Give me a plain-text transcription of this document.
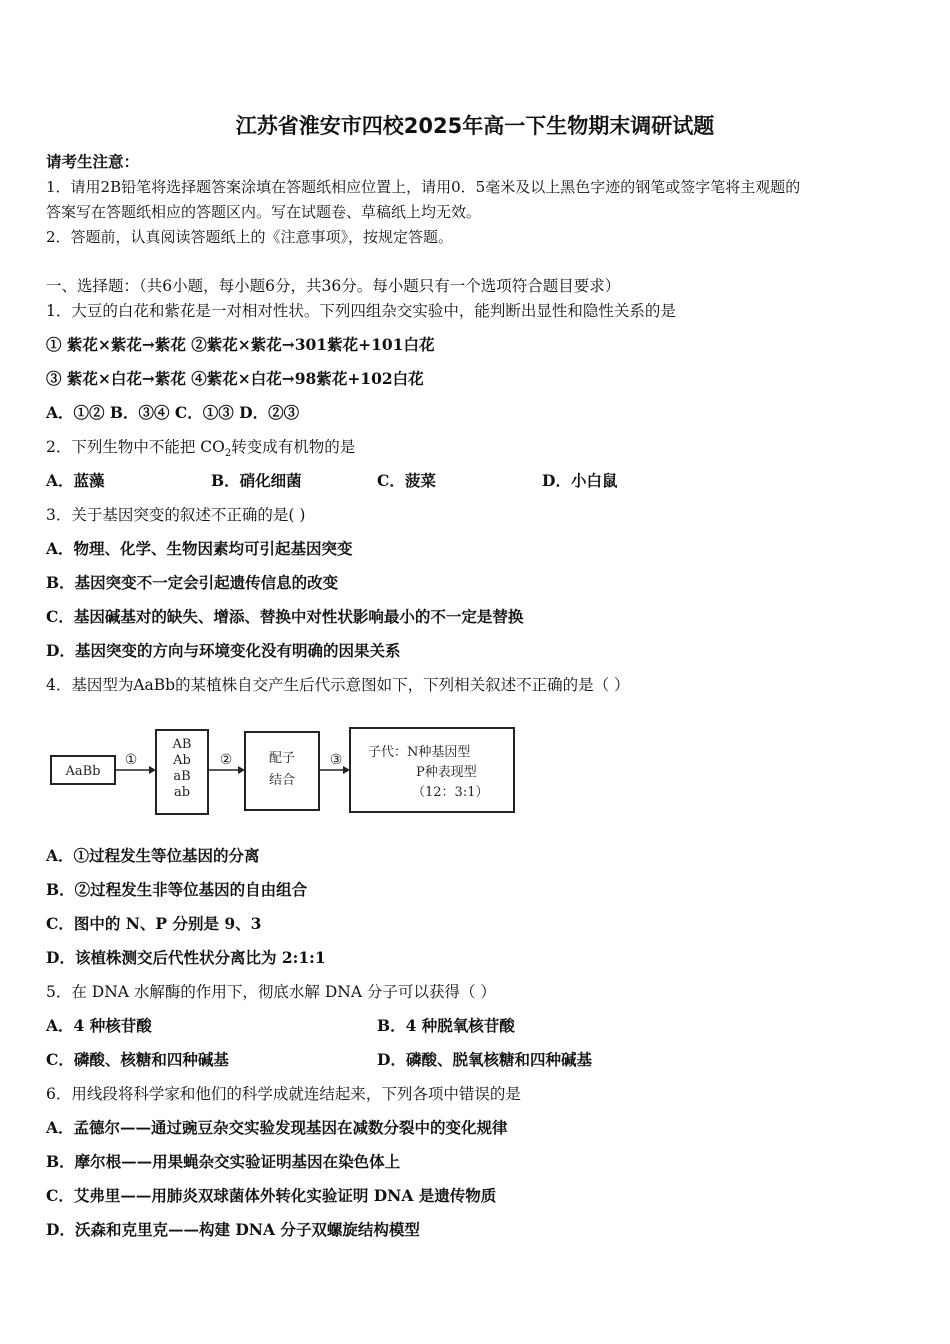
江苏省淮安市四校2025年高一下生物期末调研试题
请考生注意：
1．请用2B铅笔将选择题答案涂填在答题纸相应位置上，请用0．5毫米及以上黑色字迹的钢笔或签字笔将主观题的
答案写在答题纸相应的答题区内。写在试题卷、草稿纸上均无效。
2．答题前，认真阅读答题纸上的《注意事项》，按规定答题。
一、选择题：（共6小题，每小题6分，共36分。每小题只有一个选项符合题目要求）
1．大豆的白花和紫花是一对相对性状。下列四组杂交实验中，能判断出显性和隐性关系的是
① 紫花×紫花→紫花 ②紫花×紫花→301紫花+101白花
③ 紫花×白花→紫花 ④紫花×白花→98紫花+102白花
A．①② B．③④ C．①③ D．②③
2．下列生物中不能把 $CO_2$转变成有机物的是
A．蓝藻	B．硝化细菌	C．菠菜	D．小白鼠
3．关于基因突变的叙述不正确的是( )
A．物理、化学、生物因素均可引起基因突变
B．基因突变不一定会引起遗传信息的改变
C．基因碱基对的缺失、增添、替换中对性状影响最小的不一定是替换
D．基因突变的方向与环境变化没有明确的因果关系
4．基因型为AaBb的某植株自交产生后代示意图如下，下列相关叙述不正确的是（ ）
AaBb
①
AB
Ab
aB
ab
②	配子
结合
③ 子代：N种基因型
P种表现型
（12：3:1）
A．①过程发生等位基因的分离
B．②过程发生非等位基因的自由组合
C．图中的 N、P 分别是 9、3
D．该植株测交后代性状分离比为 2:1:1
5．在 DNA 水解酶的作用下，彻底水解 DNA 分子可以获得（ ）
A．4 种核苷酸	B．4 种脱氧核苷酸
C．磷酸、核糖和四种碱基	D．磷酸、脱氧核糖和四种碱基
6．用线段将科学家和他们的科学成就连结起来，下列各项中错误的是
A．孟德尔——通过豌豆杂交实验发现基因在减数分裂中的变化规律
B．摩尔根——用果蝇杂交实验证明基因在染色体上
C．艾弗里——用肺炎双球菌体外转化实验证明 DNA 是遗传物质
D．沃森和克里克——构建 DNA 分子双螺旋结构模型
